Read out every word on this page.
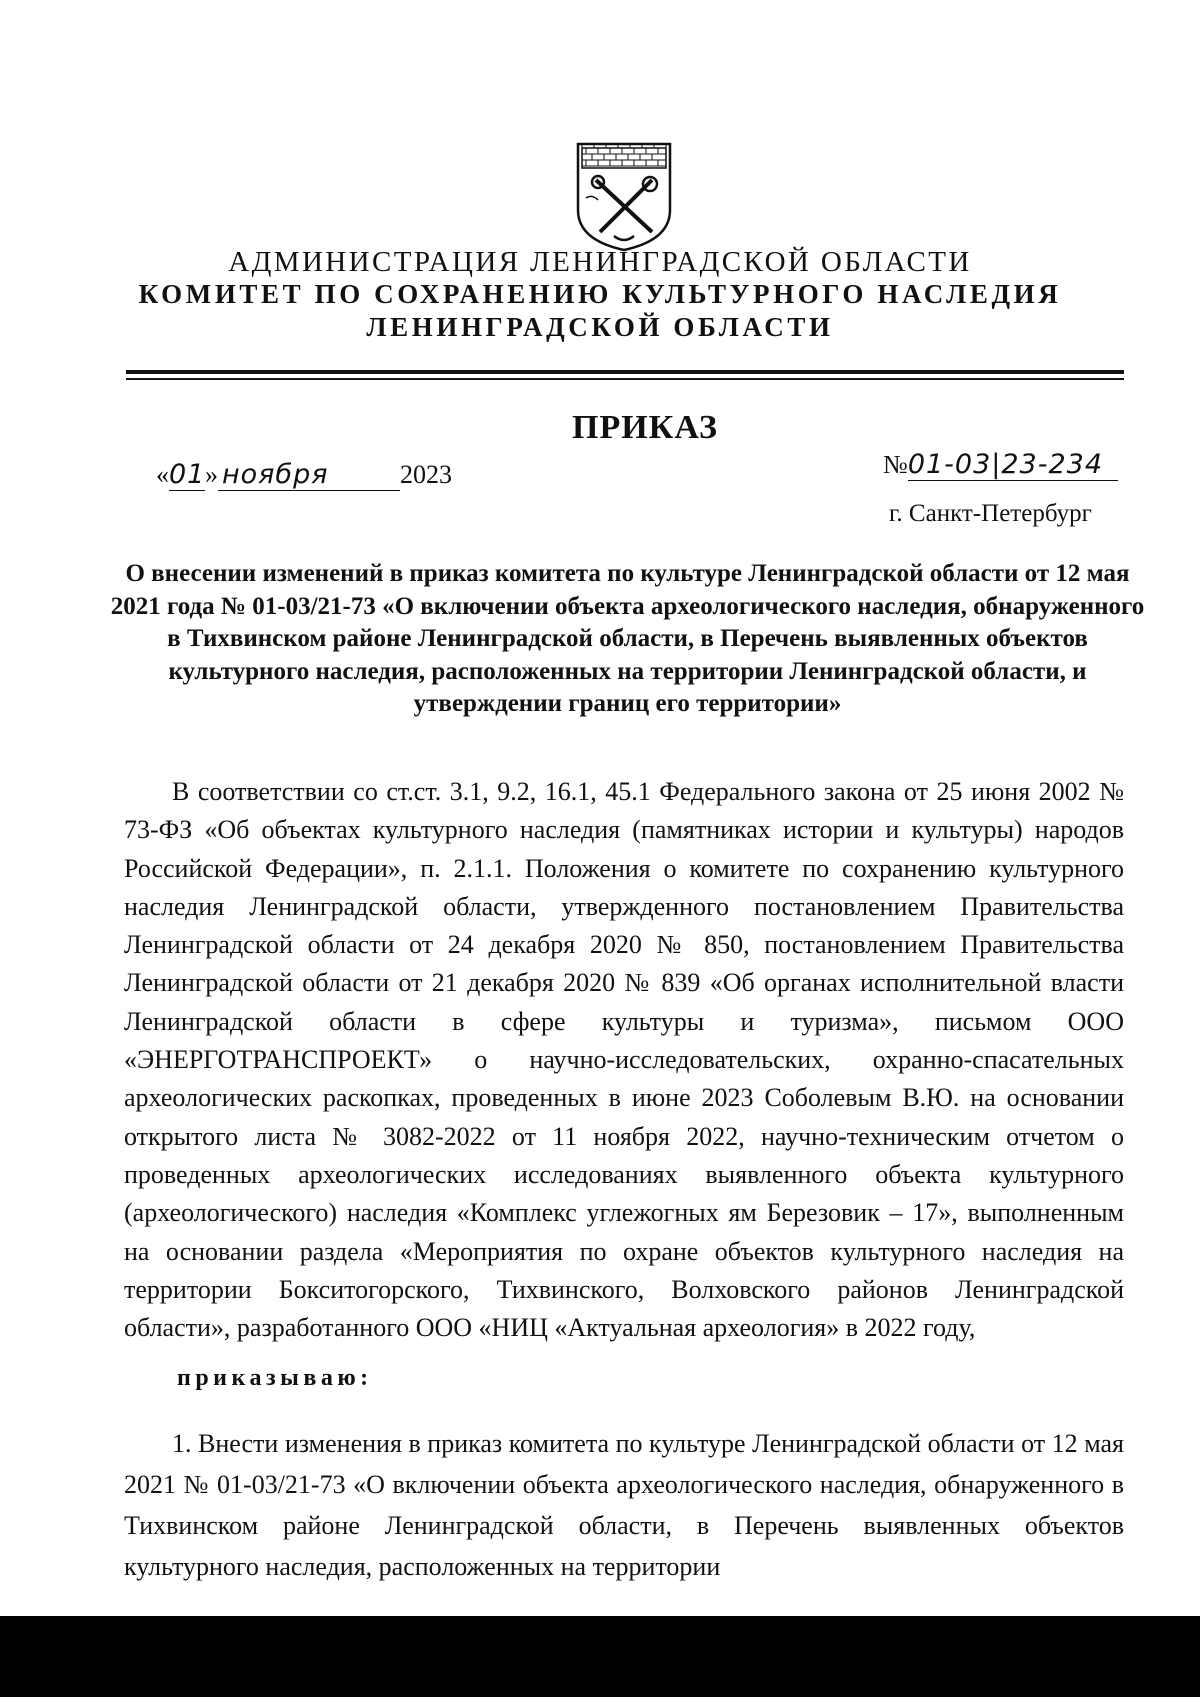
АДМИНИСТРАЦИЯ ЛЕНИНГРАДСКОЙ ОБЛАСТИ
КОМИТЕТ ПО СОХРАНЕНИЮ КУЛЬТУРНОГО НАСЛЕДИЯ
ЛЕНИНГРАДСКОЙ ОБЛАСТИ
ПРИКАЗ
«01» ноября	2023	№01-03|23-234
г. Санкт-Петербург
О внесении изменений в приказ комитета по культуре Ленинградской области от 12 мая 2021 года № 01-03/21-73 «О включении объекта археологического наследия, обнаруженного в Тихвинском районе Ленинградской области, в Перечень выявленных объектов культурного наследия, расположенных на территории Ленинградской области, и утверждении границ его территории»

В соответствии со ст.ст. 3.1, 9.2, 16.1, 45.1 Федерального закона от 25 июня 2002 № 73-ФЗ «Об объектах культурного наследия (памятниках истории и культуры) народов Российской Федерации», п. 2.1.1. Положения о комитете по сохранению культурного наследия Ленинградской области, утвержденного постановлением Правительства Ленинградской области от 24 декабря 2020 № 850, постановлением Правительства Ленинградской области от 21 декабря 2020 № 839 «Об органах исполнительной власти Ленинградской области в сфере культуры и туризма», письмом ООО «ЭНЕРГОТРАНСПРОЕКТ» о научно-исследовательских, охранно-спасательных археологических раскопках, проведенных в июне 2023 Соболевым В.Ю. на основании открытого листа № 3082-2022 от 11 ноября 2022, научно-техническим отчетом о проведенных археологических исследованиях выявленного объекта культурного (археологического) наследия «Комплекс углежогных ям Березовик – 17», выполненным на основании раздела «Мероприятия по охране объектов культурного наследия на территории Бокситогорского, Тихвинского, Волховского районов Ленинградской области», разработанного ООО «НИЦ «Актуальная археология» в 2022 году,

приказываю:

1. Внести изменения в приказ комитета по культуре Ленинградской области от 12 мая 2021 № 01-03/21-73 «О включении объекта археологического наследия, обнаруженного в Тихвинском районе Ленинградской области, в Перечень выявленных объектов культурного наследия, расположенных на территории
